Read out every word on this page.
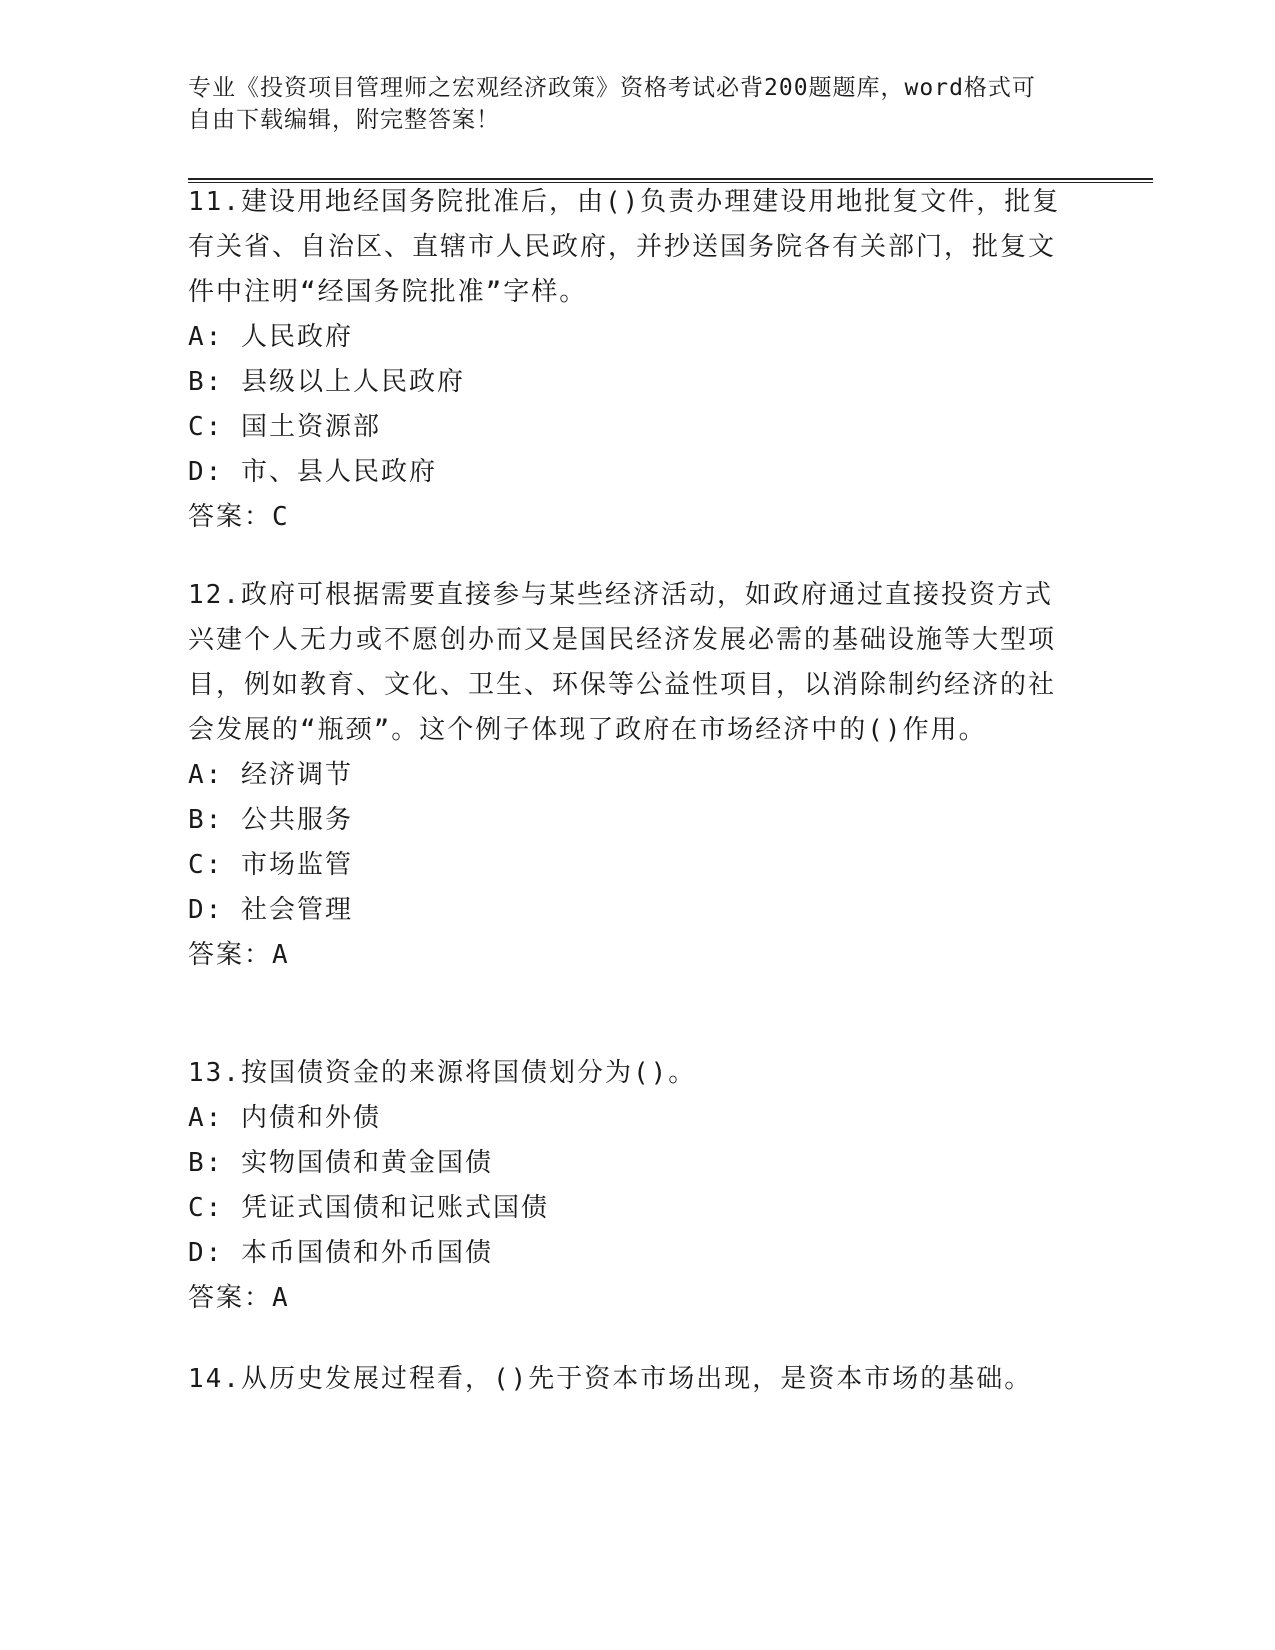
专业《投资项目管理师之宏观经济政策》资格考试必背200题题库，word格式可
自由下载编辑，附完整答案！

11.建设用地经国务院批准后，由()负责办理建设用地批复文件，批复有关省、自治区、直辖市人民政府，并抄送国务院各有关部门，批复文件中注明“经国务院批准”字样。

A: 人民政府

B: 县级以上人民政府

C: 国土资源部

D: 市、县人民政府

答案：C

12.政府可根据需要直接参与某些经济活动，如政府通过直接投资方式兴建个人无力或不愿创办而又是国民经济发展必需的基础设施等大型项目，例如教育、文化、卫生、环保等公益性项目，以消除制约经济的社会发展的“瓶颈”。这个例子体现了政府在市场经济中的()作用。

A: 经济调节

B: 公共服务

C: 市场监管

D: 社会管理

答案：A

13.按国债资金的来源将国债划分为()。

A: 内债和外债

B: 实物国债和黄金国债

C: 凭证式国债和记账式国债

D: 本币国债和外币国债

答案：A

14.从历史发展过程看，()先于资本市场出现，是资本市场的基础。
